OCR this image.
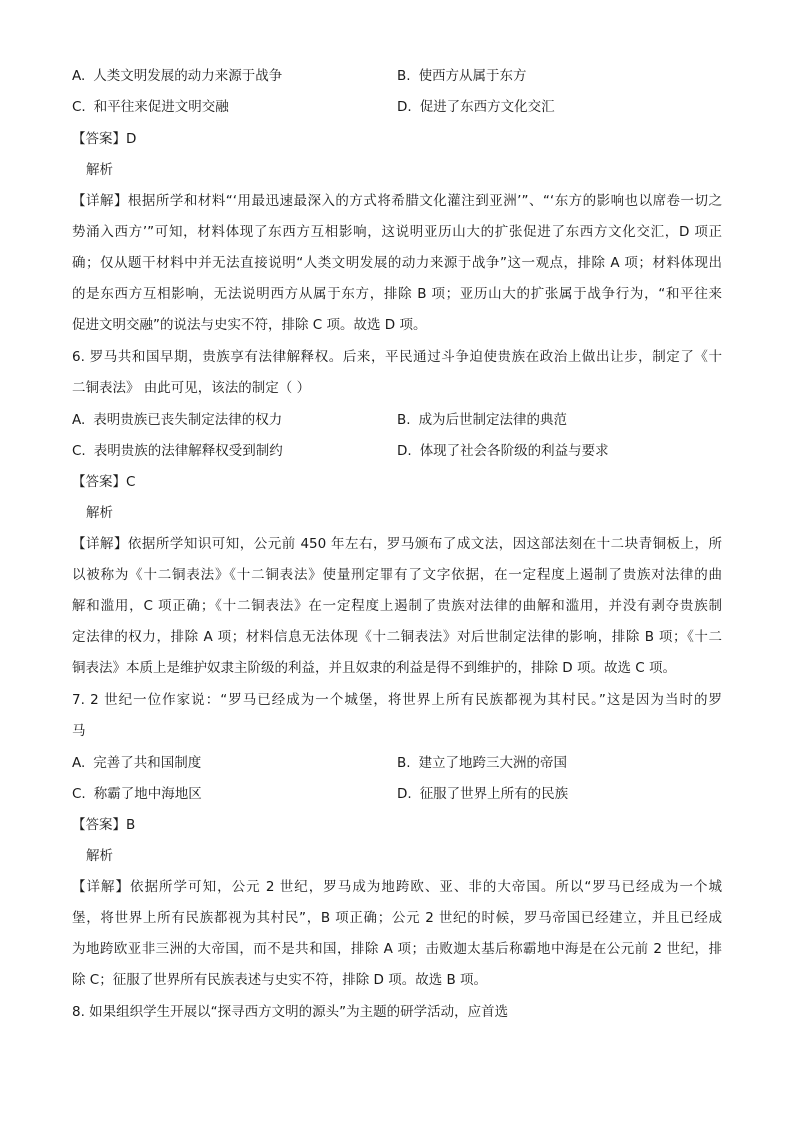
A. 人类文明发展的动力来源于战争	B. 使西方从属于东方
C. 和平往来促进文明交融	D. 促进了东西方文化交汇
【答案】D
解析
【详解】根据所学和材料“‘用最迅速最深入的方式将希腊文化灌注到亚洲’”、“‘东方的影响也以席卷一切之
势涌入西方’”可知，材料体现了东西方互相影响，这说明亚历山大的扩张促进了东西方文化交汇，D 项正
确；仅从题干材料中并无法直接说明“人类文明发展的动力来源于战争”这一观点，排除 A 项；材料体现出
的是东西方互相影响，无法说明西方从属于东方，排除 B 项；亚历山大的扩张属于战争行为，“和平往来
促进文明交融”的说法与史实不符，排除 C 项。故选 D 项。
6. 罗马共和国早期，贵族享有法律解释权。后来，平民通过斗争迫使贵族在政治上做出让步，制定了《十
二铜表法》 由此可见，该法的制定（ ）
A. 表明贵族已丧失制定法律的权力	B. 成为后世制定法律的典范
C. 表明贵族的法律解释权受到制约	D. 体现了社会各阶级的利益与要求
【答案】C
解析
【详解】依据所学知识可知，公元前 450 年左右，罗马颁布了成文法，因这部法刻在十二块青铜板上，所
以被称为《十二铜表法》《十二铜表法》使量刑定罪有了文字依据，在一定程度上遏制了贵族对法律的曲
解和滥用，C 项正确；《十二铜表法》在一定程度上遏制了贵族对法律的曲解和滥用，并没有剥夺贵族制
定法律的权力，排除 A 项；材料信息无法体现《十二铜表法》对后世制定法律的影响，排除 B 项；《十二
铜表法》本质上是维护奴隶主阶级的利益，并且奴隶的利益是得不到维护的，排除 D 项。故选 C 项。
7. 2 世纪一位作家说：“罗马已经成为一个城堡，将世界上所有民族都视为其村民。”这是因为当时的罗
马
A. 完善了共和国制度	B. 建立了地跨三大洲的帝国
C. 称霸了地中海地区	D. 征服了世界上所有的民族
【答案】B
解析
【详解】依据所学可知，公元 2 世纪，罗马成为地跨欧、亚、非的大帝国。所以“罗马已经成为一个城
堡，将世界上所有民族都视为其村民”，B 项正确；公元 2 世纪的时候，罗马帝国已经建立，并且已经成
为地跨欧亚非三洲的大帝国，而不是共和国，排除 A 项；击败迦太基后称霸地中海是在公元前 2 世纪，排
除 C；征服了世界所有民族表述与史实不符，排除 D 项。故选 B 项。
8. 如果组织学生开展以“探寻西方文明的源头”为主题的研学活动，应首选
